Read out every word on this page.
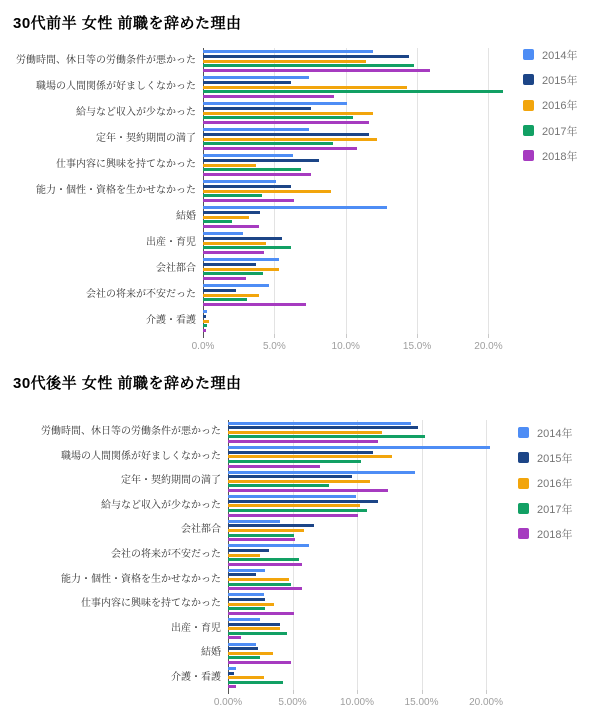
30代前半 女性 前職を辞めた理由
0.0%	5.0%	10.0%	15.0%	20.0%
労働時間、休日等の労働条件が悪かった
職場の人間関係が好ましくなかった
給与など収入が少なかった
定年・契約期間の満了
仕事内容に興味を持てなかった
能力・個性・資格を生かせなかった
結婚
出産・育児
会社都合
会社の将来が不安だった
介護・看護
2014年
2015年
2016年
2017年
2018年
30代後半 女性 前職を辞めた理由
0.00%	5.00%	10.00%	15.00%	20.00%
労働時間、休日等の労働条件が悪かった
職場の人間関係が好ましくなかった
定年・契約期間の満了
給与など収入が少なかった
会社都合
会社の将来が不安だった
能力・個性・資格を生かせなかった
仕事内容に興味を持てなかった
出産・育児
結婚
介護・看護
2014年
2015年
2016年
2017年
2018年
